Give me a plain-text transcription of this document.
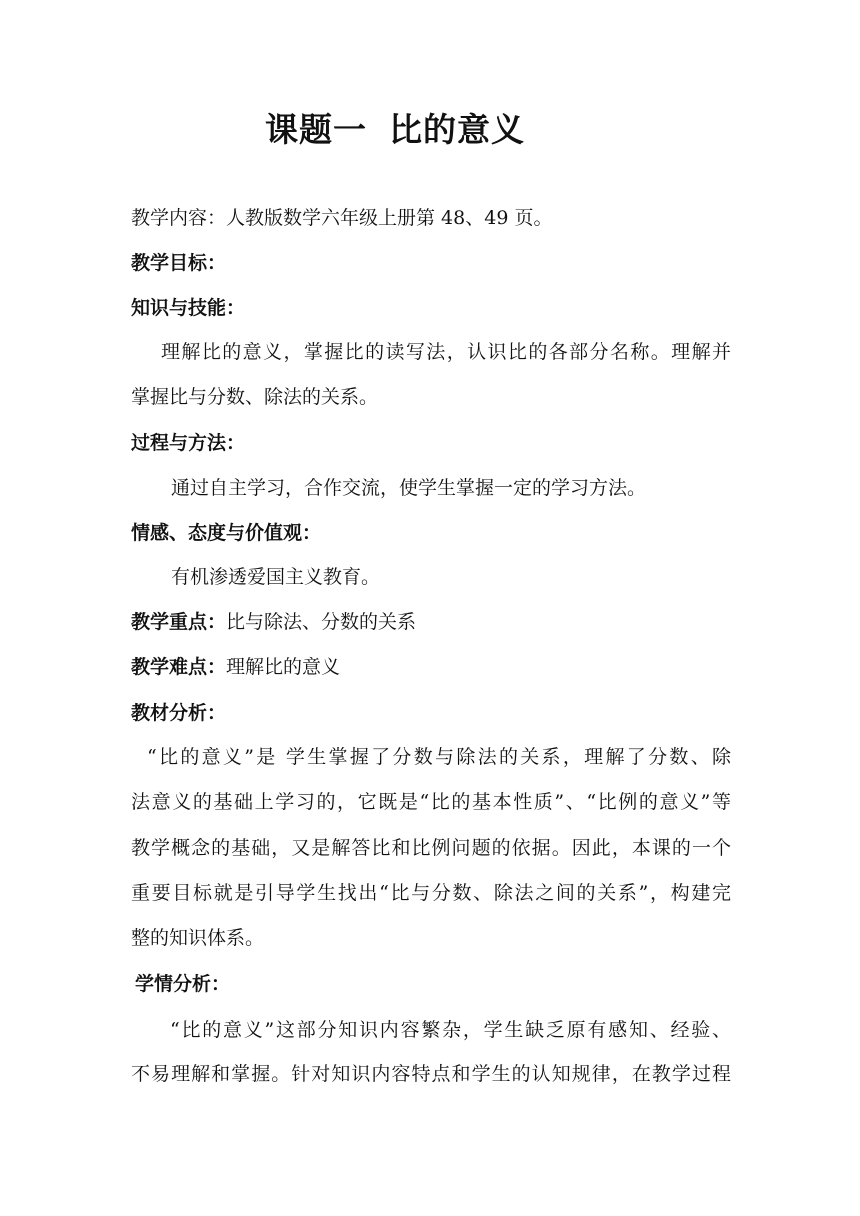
课题一 比的意义
教学内容：人教版数学六年级上册第 48、49 页。
教学目标：
知识与技能：
理解比的意义，掌握比的读写法，认识比的各部分名称。理解并
掌握比与分数、除法的关系。
过程与方法：
通过自主学习，合作交流，使学生掌握一定的学习方法。
情感、态度与价值观：
有机渗透爱国主义教育。
教学重点：比与除法、分数的关系
教学难点：理解比的意义
教材分析：
“比的意义”是 学生掌握了分数与除法的关系，理解了分数、除
法意义的基础上学习的，它既是“比的基本性质”、“比例的意义”等
教学概念的基础，又是解答比和比例问题的依据。因此，本课的一个
重要目标就是引导学生找出“比与分数、除法之间的关系”，构建完
整的知识体系。
学情分析：
“比的意义”这部分知识内容繁杂，学生缺乏原有感知、经验、
不易理解和掌握。针对知识内容特点和学生的认知规律，在教学过程
